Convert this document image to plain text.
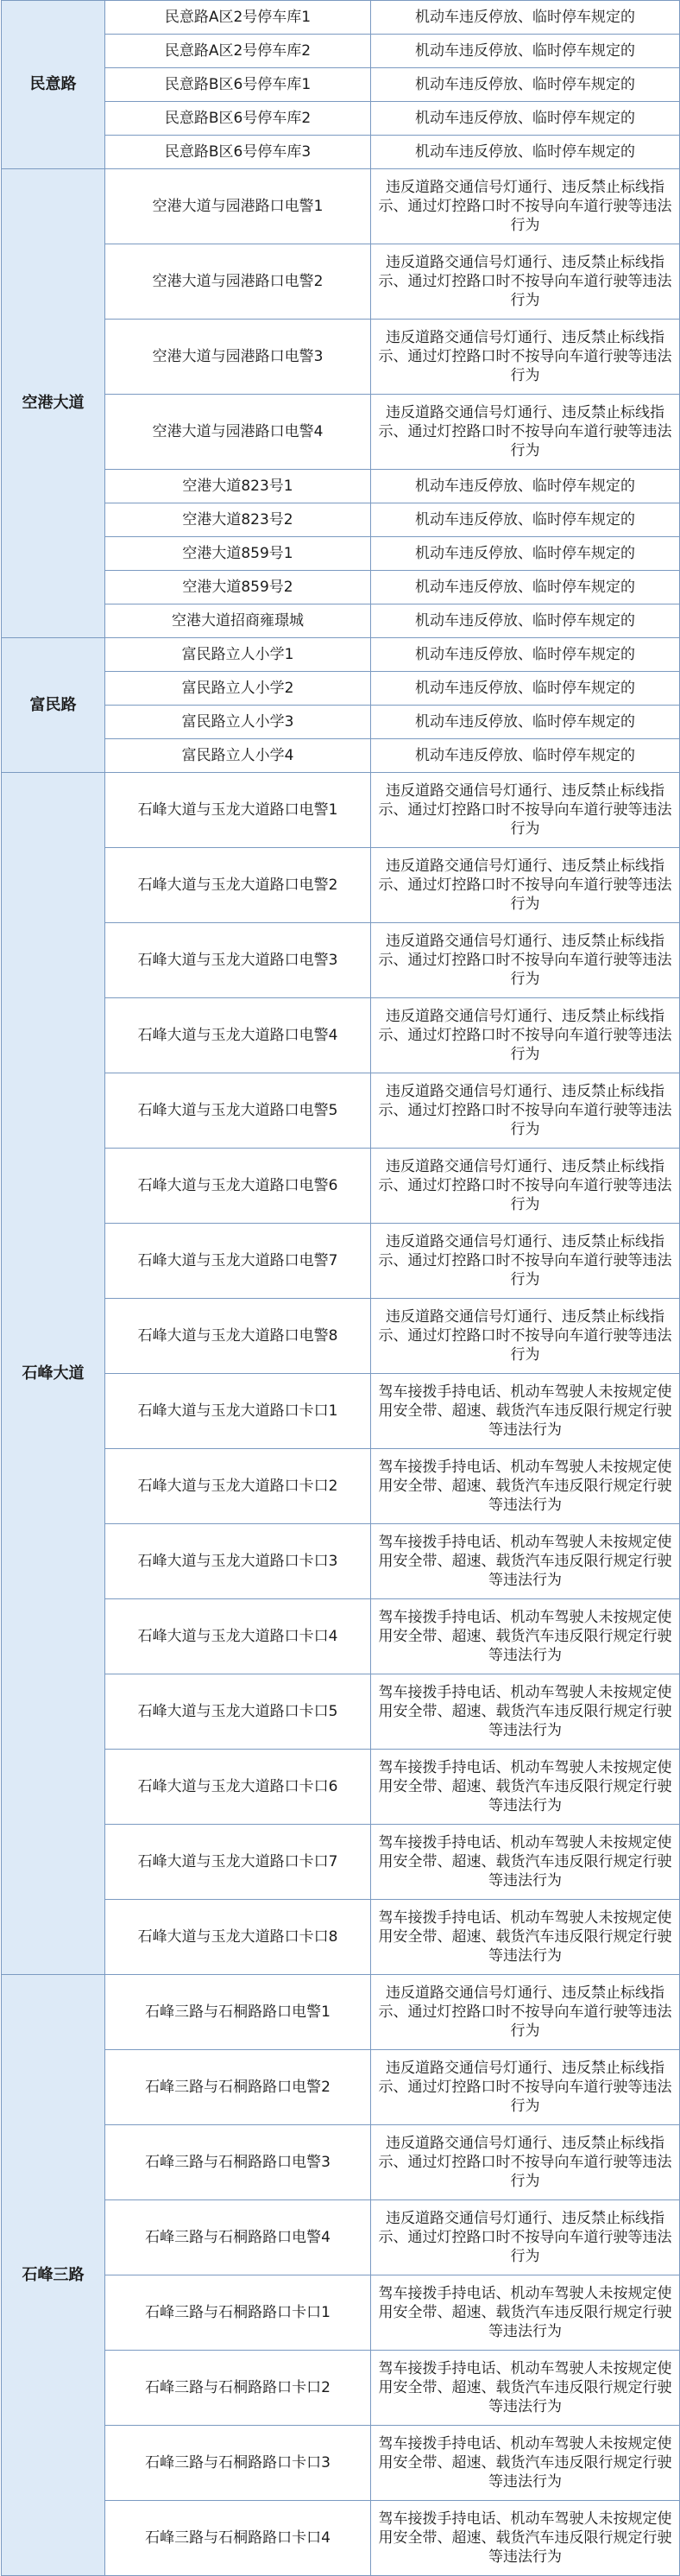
民意路	民意路A区2号停车库1	机动车违反停放、临时停车规定的
	民意路A区2号停车库2	机动车违反停放、临时停车规定的
	民意路B区6号停车库1	机动车违反停放、临时停车规定的
	民意路B区6号停车库2	机动车违反停放、临时停车规定的
	民意路B区6号停车库3	机动车违反停放、临时停车规定的
空港大道	空港大道与园港路口电警1	违反道路交通信号灯通行、违反禁止标线指示、通过灯控路口时不按导向车道行驶等违法行为
	空港大道与园港路口电警2	违反道路交通信号灯通行、违反禁止标线指示、通过灯控路口时不按导向车道行驶等违法行为
	空港大道与园港路口电警3	违反道路交通信号灯通行、违反禁止标线指示、通过灯控路口时不按导向车道行驶等违法行为
	空港大道与园港路口电警4	违反道路交通信号灯通行、违反禁止标线指示、通过灯控路口时不按导向车道行驶等违法行为
	空港大道823号1	机动车违反停放、临时停车规定的
	空港大道823号2	机动车违反停放、临时停车规定的
	空港大道859号1	机动车违反停放、临时停车规定的
	空港大道859号2	机动车违反停放、临时停车规定的
	空港大道招商雍璟城	机动车违反停放、临时停车规定的
富民路	富民路立人小学1	机动车违反停放、临时停车规定的
	富民路立人小学2	机动车违反停放、临时停车规定的
	富民路立人小学3	机动车违反停放、临时停车规定的
	富民路立人小学4	机动车违反停放、临时停车规定的
石峰大道	石峰大道与玉龙大道路口电警1	违反道路交通信号灯通行、违反禁止标线指示、通过灯控路口时不按导向车道行驶等违法行为
	石峰大道与玉龙大道路口电警2	违反道路交通信号灯通行、违反禁止标线指示、通过灯控路口时不按导向车道行驶等违法行为
	石峰大道与玉龙大道路口电警3	违反道路交通信号灯通行、违反禁止标线指示、通过灯控路口时不按导向车道行驶等违法行为
	石峰大道与玉龙大道路口电警4	违反道路交通信号灯通行、违反禁止标线指示、通过灯控路口时不按导向车道行驶等违法行为
	石峰大道与玉龙大道路口电警5	违反道路交通信号灯通行、违反禁止标线指示、通过灯控路口时不按导向车道行驶等违法行为
	石峰大道与玉龙大道路口电警6	违反道路交通信号灯通行、违反禁止标线指示、通过灯控路口时不按导向车道行驶等违法行为
	石峰大道与玉龙大道路口电警7	违反道路交通信号灯通行、违反禁止标线指示、通过灯控路口时不按导向车道行驶等违法行为
	石峰大道与玉龙大道路口电警8	违反道路交通信号灯通行、违反禁止标线指示、通过灯控路口时不按导向车道行驶等违法行为
	石峰大道与玉龙大道路口卡口1	驾车接拨手持电话、机动车驾驶人未按规定使用安全带、超速、载货汽车违反限行规定行驶等违法行为
	石峰大道与玉龙大道路口卡口2	驾车接拨手持电话、机动车驾驶人未按规定使用安全带、超速、载货汽车违反限行规定行驶等违法行为
	石峰大道与玉龙大道路口卡口3	驾车接拨手持电话、机动车驾驶人未按规定使用安全带、超速、载货汽车违反限行规定行驶等违法行为
	石峰大道与玉龙大道路口卡口4	驾车接拨手持电话、机动车驾驶人未按规定使用安全带、超速、载货汽车违反限行规定行驶等违法行为
	石峰大道与玉龙大道路口卡口5	驾车接拨手持电话、机动车驾驶人未按规定使用安全带、超速、载货汽车违反限行规定行驶等违法行为
	石峰大道与玉龙大道路口卡口6	驾车接拨手持电话、机动车驾驶人未按规定使用安全带、超速、载货汽车违反限行规定行驶等违法行为
	石峰大道与玉龙大道路口卡口7	驾车接拨手持电话、机动车驾驶人未按规定使用安全带、超速、载货汽车违反限行规定行驶等违法行为
	石峰大道与玉龙大道路口卡口8	驾车接拨手持电话、机动车驾驶人未按规定使用安全带、超速、载货汽车违反限行规定行驶等违法行为
石峰三路	石峰三路与石桐路路口电警1	违反道路交通信号灯通行、违反禁止标线指示、通过灯控路口时不按导向车道行驶等违法行为
	石峰三路与石桐路路口电警2	违反道路交通信号灯通行、违反禁止标线指示、通过灯控路口时不按导向车道行驶等违法行为
	石峰三路与石桐路路口电警3	违反道路交通信号灯通行、违反禁止标线指示、通过灯控路口时不按导向车道行驶等违法行为
	石峰三路与石桐路路口电警4	违反道路交通信号灯通行、违反禁止标线指示、通过灯控路口时不按导向车道行驶等违法行为
	石峰三路与石桐路路口卡口1	驾车接拨手持电话、机动车驾驶人未按规定使用安全带、超速、载货汽车违反限行规定行驶等违法行为
	石峰三路与石桐路路口卡口2	驾车接拨手持电话、机动车驾驶人未按规定使用安全带、超速、载货汽车违反限行规定行驶等违法行为
	石峰三路与石桐路路口卡口3	驾车接拨手持电话、机动车驾驶人未按规定使用安全带、超速、载货汽车违反限行规定行驶等违法行为
	石峰三路与石桐路路口卡口4	驾车接拨手持电话、机动车驾驶人未按规定使用安全带、超速、载货汽车违反限行规定行驶等违法行为
